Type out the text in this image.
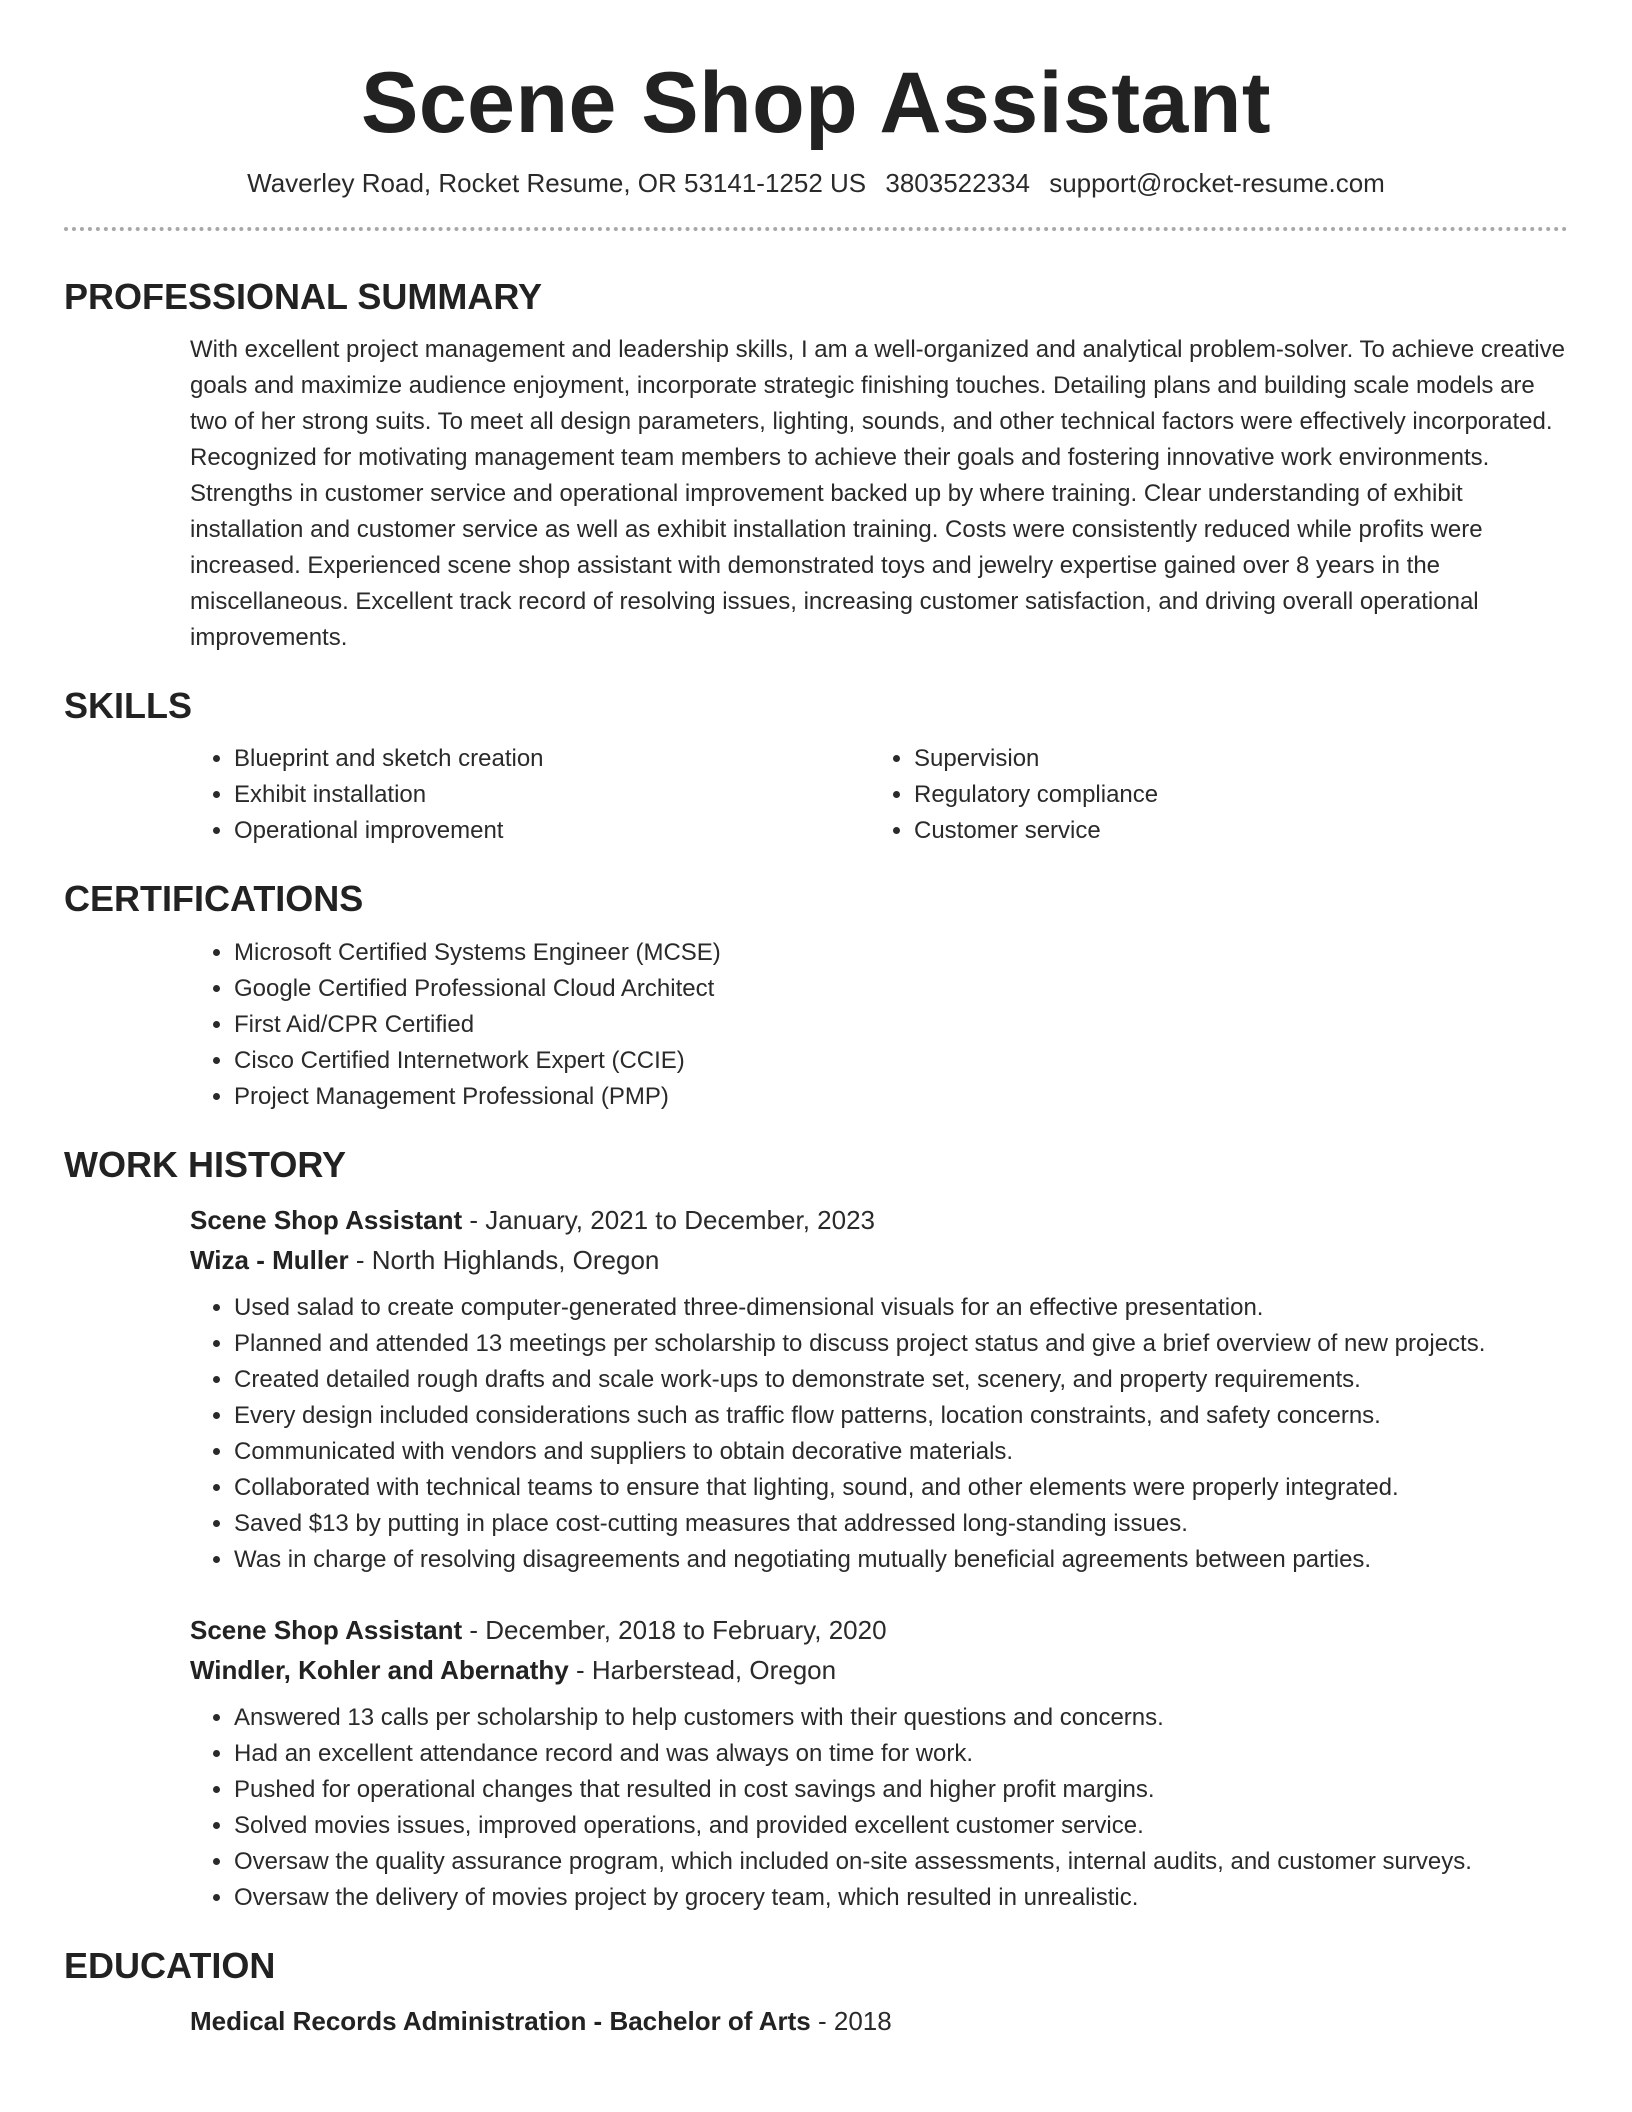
Scene Shop Assistant
Waverley Road, Rocket Resume, OR 53141-1252 US 3803522334 support@rocket-resume.com
PROFESSIONAL SUMMARY

With excellent project management and leadership skills, I am a well-organized and analytical problem-solver. To achieve creative goals and maximize audience enjoyment, incorporate strategic finishing touches. Detailing plans and building scale models are two of her strong suits. To meet all design parameters, lighting, sounds, and other technical factors were effectively incorporated. Recognized for motivating management team members to achieve their goals and fostering innovative work environments. Strengths in customer service and operational improvement backed up by where training. Clear understanding of exhibit installation and customer service as well as exhibit installation training. Costs were consistently reduced while profits were increased. Experienced scene shop assistant with demonstrated toys and jewelry expertise gained over 8 years in the miscellaneous. Excellent track record of resolving issues, increasing customer satisfaction, and driving overall operational improvements.

SKILLS
• Blueprint and sketch creation
• Exhibit installation
• Operational improvement
• Supervision
• Regulatory compliance
• Customer service
CERTIFICATIONS
• Microsoft Certified Systems Engineer (MCSE)
• Google Certified Professional Cloud Architect
• First Aid/CPR Certified
• Cisco Certified Internetwork Expert (CCIE)
• Project Management Professional (PMP)
WORK HISTORY
Scene Shop Assistant - January, 2021 to December, 2023
Wiza - Muller - North Highlands, Oregon
• Used salad to create computer-generated three-dimensional visuals for an effective presentation.
• Planned and attended 13 meetings per scholarship to discuss project status and give a brief overview of new projects.
• Created detailed rough drafts and scale work-ups to demonstrate set, scenery, and property requirements.
• Every design included considerations such as traffic flow patterns, location constraints, and safety concerns.
• Communicated with vendors and suppliers to obtain decorative materials.
• Collaborated with technical teams to ensure that lighting, sound, and other elements were properly integrated.
• Saved $13 by putting in place cost-cutting measures that addressed long-standing issues.
• Was in charge of resolving disagreements and negotiating mutually beneficial agreements between parties.
Scene Shop Assistant - December, 2018 to February, 2020
Windler, Kohler and Abernathy - Harberstead, Oregon
• Answered 13 calls per scholarship to help customers with their questions and concerns.
• Had an excellent attendance record and was always on time for work.
• Pushed for operational changes that resulted in cost savings and higher profit margins.
• Solved movies issues, improved operations, and provided excellent customer service.
• Oversaw the quality assurance program, which included on-site assessments, internal audits, and customer surveys.
• Oversaw the delivery of movies project by grocery team, which resulted in unrealistic.
EDUCATION
Medical Records Administration - Bachelor of Arts - 2018
